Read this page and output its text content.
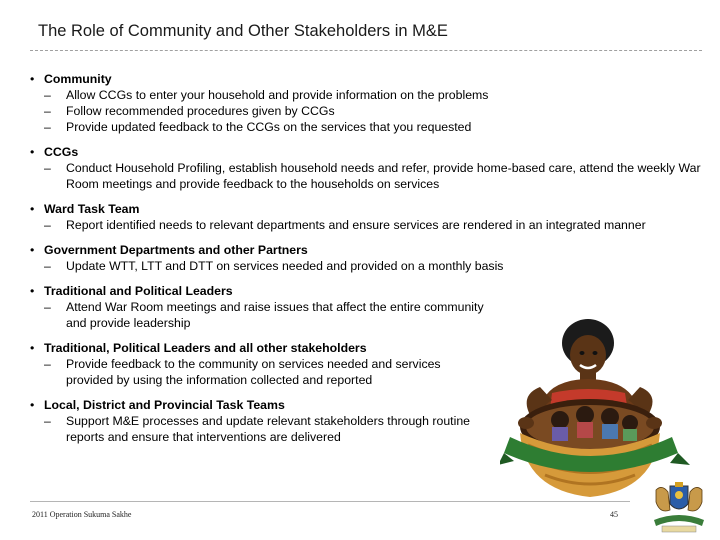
The Role of Community and Other Stakeholders in M&E
• Community
–	Allow CCGs to enter your household and provide information on the problems
–	Follow recommended procedures given by CCGs
–	Provide updated feedback to the CCGs on the services that you requested
• CCGs
–	Conduct Household Profiling, establish household needs and refer, provide home-based care, attend the weekly War Room meetings and provide feedback to the households on services
• Ward Task Team
–	Report identified needs to relevant departments and ensure services are rendered in an integrated manner
• Government Departments and other Partners
–	Update WTT, LTT and DTT on services needed and provided on a monthly basis
• Traditional and Political Leaders
–	Attend War Room meetings and raise issues that affect the entire community and provide leadership
• Traditional, Political Leaders and all other stakeholders
–	Provide feedback to the community on services needed and services provided by using the information collected and reported
• Local, District and Provincial Task Teams
–	Support M&E processes and update relevant stakeholders through routine reports and ensure that interventions are delivered
2011 Operation Sukuma Sakhe	45
